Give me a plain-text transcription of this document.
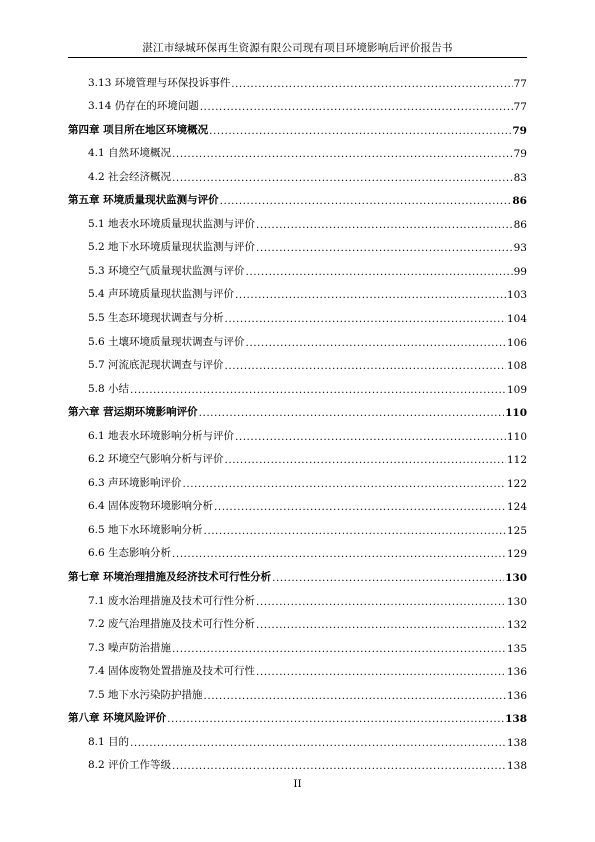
湛江市绿城环保再生资源有限公司现有项目环境影响后评价报告书
3.13 环境管理与环保投诉事件 .....	77
3.14 仍存在的环境问题 .....	77
第四章 项目所在地区环境概况 .....	79
4.1 自然环境概况 .....	79
4.2 社会经济概况 .....	83
第五章 环境质量现状监测与评价 .....	86
5.1 地表水环境质量现状监测与评价 .....	86
5.2 地下水环境质量现状监测与评价 .....	93
5.3 环境空气质量现状监测与评价 .....	99
5.4 声环境质量现状监测与评价 .....	103
5.5 生态环境现状调查与分析 .....	104
5.6 土壤环境质量现状调查与评价 .....	106
5.7 河流底泥现状调查与评价 .....	108
5.8 小结 .....	109
第六章 营运期环境影响评价 .....	110
6.1 地表水环境影响分析与评价 .....	110
6.2 环境空气影响分析与评价 .....	112
6.3 声环境影响评价 .....	122
6.4 固体废物环境影响分析 .....	124
6.5 地下水环境影响分析 .....	125
6.6 生态影响分析 .....	129
第七章 环境治理措施及经济技术可行性分析 .....	130
7.1 废水治理措施及技术可行性分析 .....	130
7.2 废气治理措施及技术可行性分析 .....	132
7.3 噪声防治措施 .....	135
7.4 固体废物处置措施及技术可行性 .....	136
7.5 地下水污染防护措施 .....	136
第八章 环境风险评价 .....	138
8.1 目的 .....	138
8.2 评价工作等级 .....	138
II
